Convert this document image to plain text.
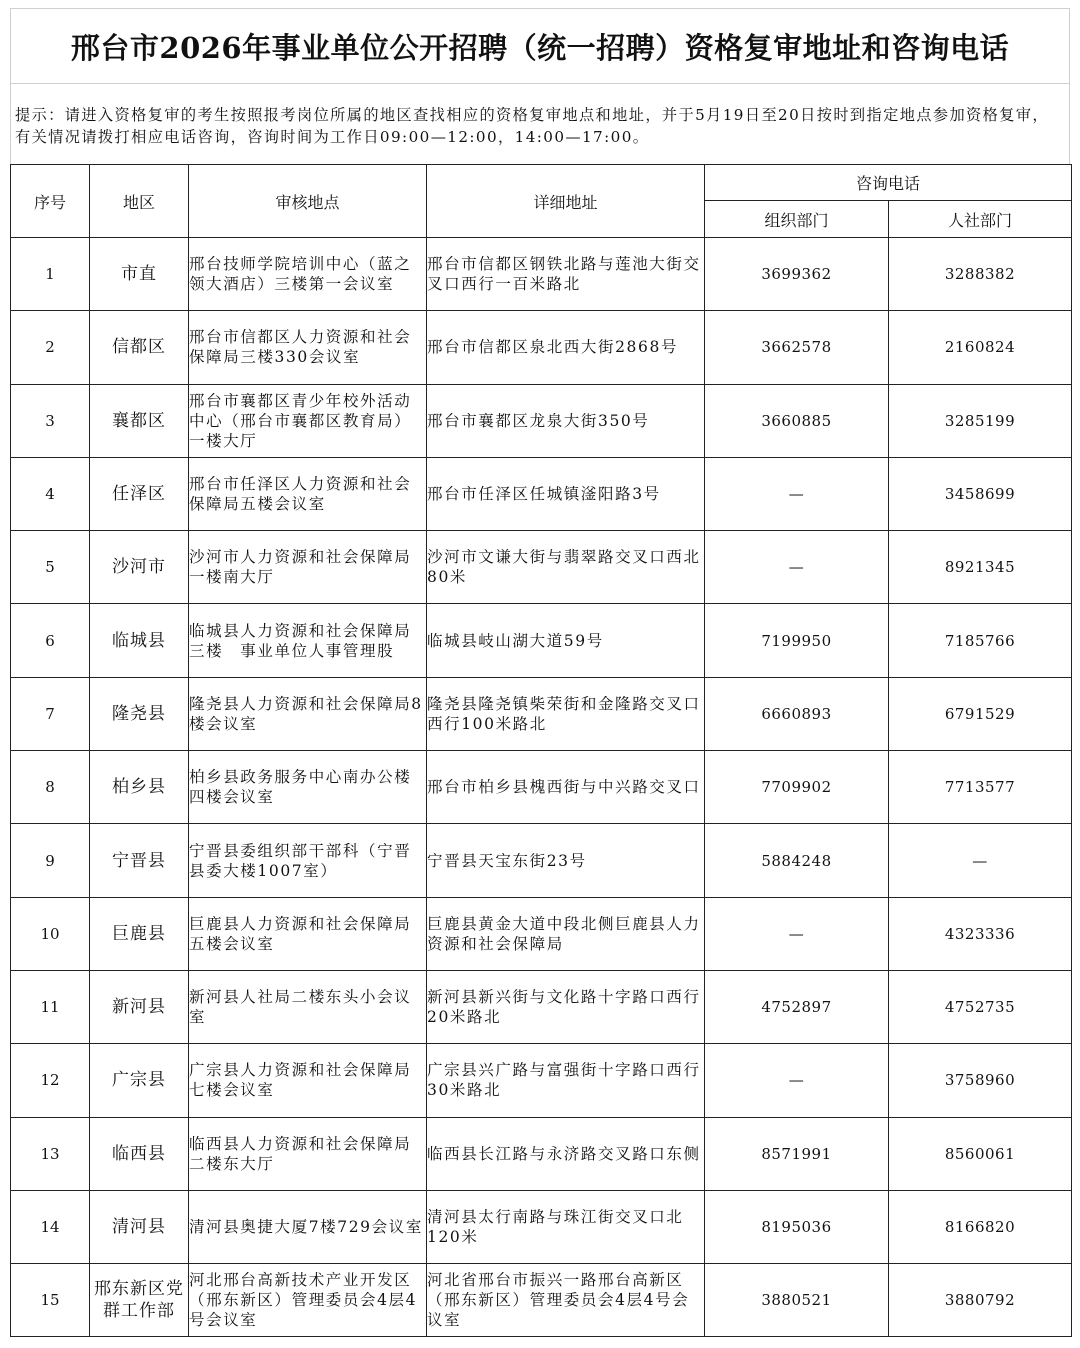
邢台市2026年事业单位公开招聘（统一招聘）资格复审地址和咨询电话
提示：请进入资格复审的考生按照报考岗位所属的地区查找相应的资格复审地点和地址，并于5月19日至20日按时到指定地点参加资格复审，有关情况请拨打相应电话咨询，咨询时间为工作日09:00—12:00，14:00—17:00。
序号	地区	审核地点	详细地址	咨询电话	
				组织部门	人社部门
1	市直	邢台技师学院培训中心（蓝之领大酒店）三楼第一会议室	邢台市信都区钢铁北路与莲池大街交叉口西行一百米路北	3699362	3288382
2	信都区	邢台市信都区人力资源和社会保障局三楼330会议室	邢台市信都区泉北西大街2868号	3662578	2160824
3	襄都区	邢台市襄都区青少年校外活动中心（邢台市襄都区教育局）一楼大厅	邢台市襄都区龙泉大街350号	3660885	3285199
4	任泽区	邢台市任泽区人力资源和社会保障局五楼会议室	邢台市任泽区任城镇滏阳路3号	—	3458699
5	沙河市	沙河市人力资源和社会保障局一楼南大厅	沙河市文谦大街与翡翠路交叉口西北80米	—	8921345
6	临城县	临城县人力资源和社会保障局三楼　事业单位人事管理股	临城县岐山湖大道59号	7199950	7185766
7	隆尧县	隆尧县人力资源和社会保障局8楼会议室	隆尧县隆尧镇柴荣街和金隆路交叉口西行100米路北	6660893	6791529
8	柏乡县	柏乡县政务服务中心南办公楼四楼会议室	邢台市柏乡县槐西街与中兴路交叉口	7709902	7713577
9	宁晋县	宁晋县委组织部干部科（宁晋县委大楼1007室）	宁晋县天宝东街23号	5884248	—
10	巨鹿县	巨鹿县人力资源和社会保障局五楼会议室	巨鹿县黄金大道中段北侧巨鹿县人力资源和社会保障局	—	4323336
11	新河县	新河县人社局二楼东头小会议室	新河县新兴街与文化路十字路口西行20米路北	4752897	4752735
12	广宗县	广宗县人力资源和社会保障局七楼会议室	广宗县兴广路与富强街十字路口西行30米路北	—	3758960
13	临西县	临西县人力资源和社会保障局二楼东大厅	临西县长江路与永济路交叉路口东侧	8571991	8560061
14	清河县	清河县奥捷大厦7楼729会议室	清河县太行南路与珠江街交叉口北120米	8195036	8166820
15	邢东新区党群工作部	河北邢台高新技术产业开发区（邢东新区）管理委员会4层4号会议室	河北省邢台市振兴一路邢台高新区（邢东新区）管理委员会4层4号会议室	3880521	3880792
